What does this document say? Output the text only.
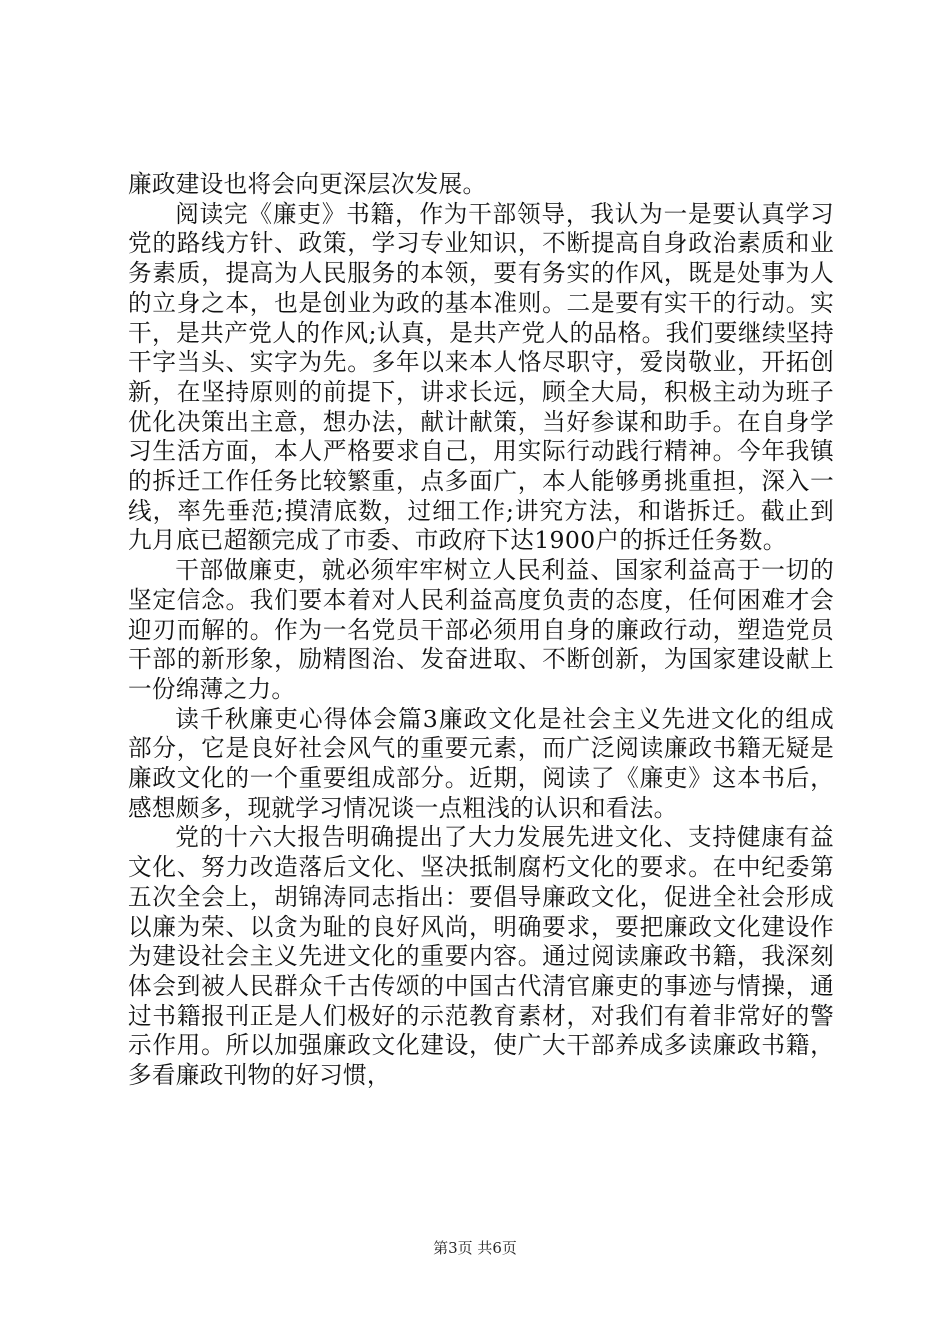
廉政建设也将会向更深层次发展。

阅读完《廉吏》书籍，作为干部领导，我认为一是要认真学习党的路线方针、政策，学习专业知识，不断提高自身政治素质和业务素质，提高为人民服务的本领，要有务实的作风，既是处事为人的立身之本，也是创业为政的基本准则。二是要有实干的行动。实干，是共产党人的作风;认真，是共产党人的品格。我们要继续坚持干字当头、实字为先。多年以来本人恪尽职守，爱岗敬业，开拓创新，在坚持原则的前提下，讲求长远，顾全大局，积极主动为班子优化决策出主意，想办法，献计献策，当好参谋和助手。在自身学习生活方面，本人严格要求自己，用实际行动践行精神。今年我镇的拆迁工作任务比较繁重，点多面广，本人能够勇挑重担，深入一线，率先垂范;摸清底数，过细工作;讲究方法，和谐拆迁。截止到九月底已超额完成了市委、市政府下达1900户的拆迁任务数。

干部做廉吏，就必须牢牢树立人民利益、国家利益高于一切的坚定信念。我们要本着对人民利益高度负责的态度，任何困难才会迎刃而解的。作为一名党员干部必须用自身的廉政行动，塑造党员干部的新形象，励精图治、发奋进取、不断创新，为国家建设献上一份绵薄之力。

读千秋廉吏心得体会篇3廉政文化是社会主义先进文化的组成部分，它是良好社会风气的重要元素，而广泛阅读廉政书籍无疑是廉政文化的一个重要组成部分。近期，阅读了《廉吏》这本书后，感想颇多，现就学习情况谈一点粗浅的认识和看法。

党的十六大报告明确提出了大力发展先进文化、支持健康有益文化、努力改造落后文化、坚决抵制腐朽文化的要求。在中纪委第五次全会上，胡锦涛同志指出：要倡导廉政文化，促进全社会形成以廉为荣、以贪为耻的良好风尚，明确要求，要把廉政文化建设作为建设社会主义先进文化的重要内容。通过阅读廉政书籍，我深刻体会到被人民群众千古传颂的中国古代清官廉吏的事迹与情操，通过书籍报刊正是人们极好的示范教育素材，对我们有着非常好的警示作用。所以加强廉政文化建设，使广大干部养成多读廉政书籍，多看廉政刊物的好习惯，

第3页 共6页
